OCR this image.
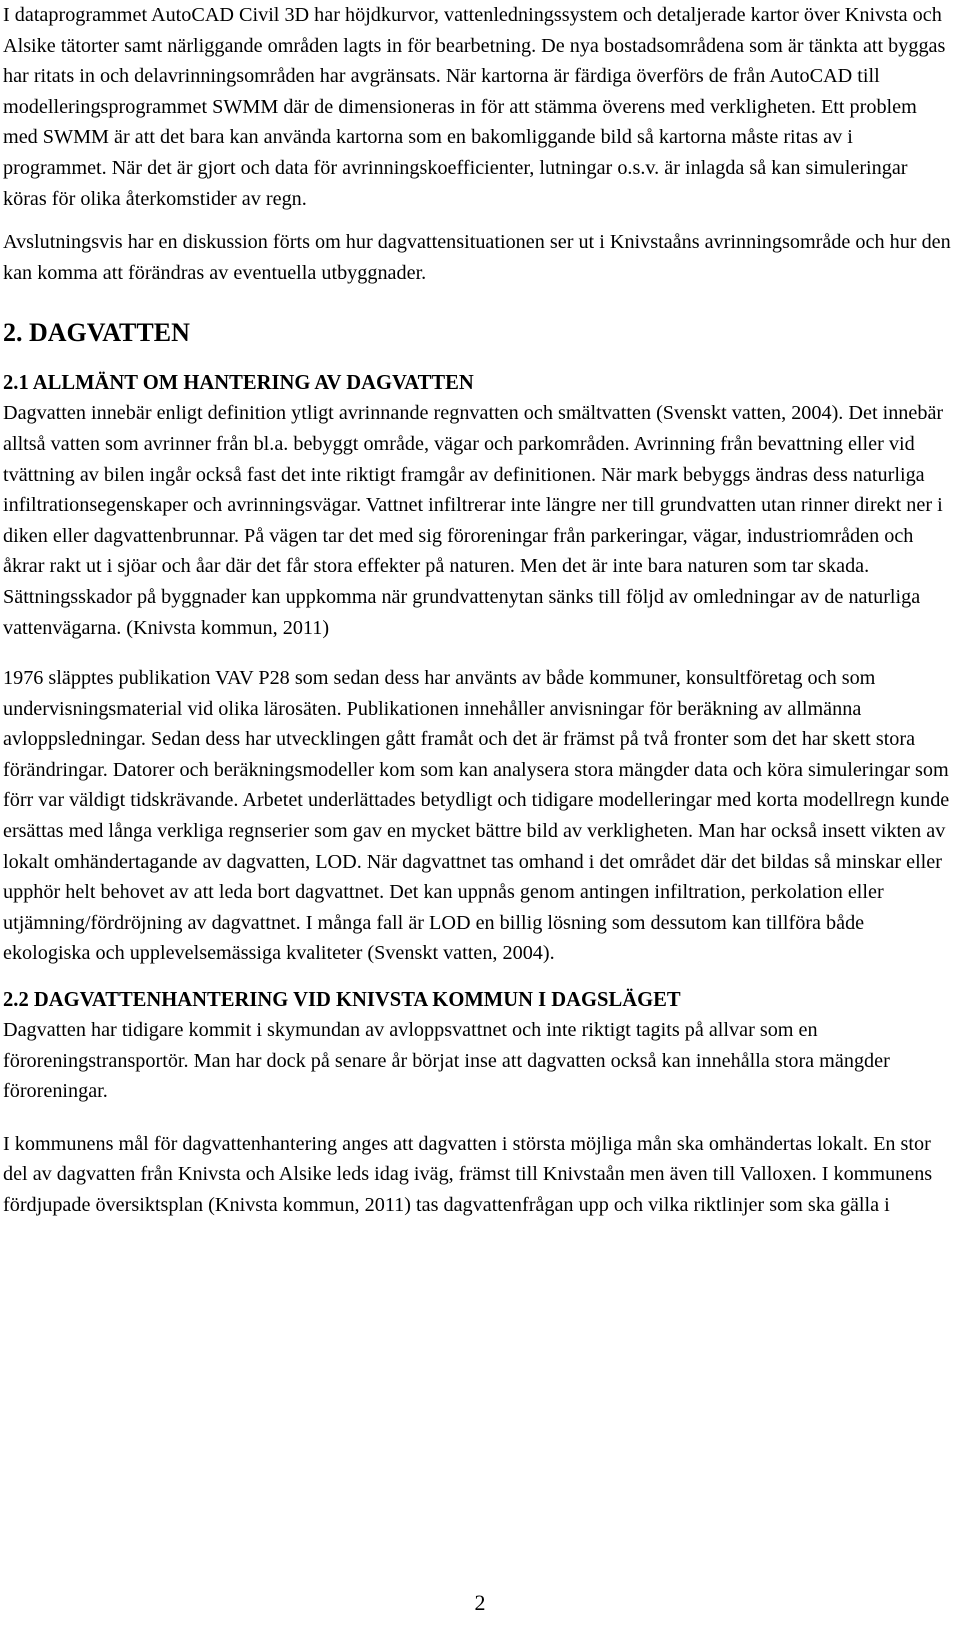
I dataprogrammet AutoCAD Civil 3D har höjdkurvor, vattenledningssystem och detaljerade kartor över Knivsta och Alsike tätorter samt närliggande områden lagts in för bearbetning. De nya bostadsområdena som är tänkta att byggas har ritats in och delavrinningsområden har avgränsats. När kartorna är färdiga överförs de från AutoCAD till modelleringsprogrammet SWMM där de dimensioneras in för att stämma överens med verkligheten. Ett problem med SWMM är att det bara kan använda kartorna som en bakomliggande bild så kartorna måste ritas av i programmet. När det är gjort och data för avrinningskoefficienter, lutningar o.s.v. är inlagda så kan simuleringar köras för olika återkomstider av regn.

Avslutningsvis har en diskussion förts om hur dagvattensituationen ser ut i Knivstaåns avrinningsområde och hur den kan komma att förändras av eventuella utbyggnader.

2. DAGVATTEN
2.1 ALLMÄNT OM HANTERING AV DAGVATTEN

Dagvatten innebär enligt definition ytligt avrinnande regnvatten och smältvatten (Svenskt vatten, 2004). Det innebär alltså vatten som avrinner från bl.a. bebyggt område, vägar och parkområden. Avrinning från bevattning eller vid tvättning av bilen ingår också fast det inte riktigt framgår av definitionen. När mark bebyggs ändras dess naturliga infiltrationsegenskaper och avrinningsvägar. Vattnet infiltrerar inte längre ner till grundvatten utan rinner direkt ner i diken eller dagvattenbrunnar. På vägen tar det med sig föroreningar från parkeringar, vägar, industriområden och åkrar rakt ut i sjöar och åar där det får stora effekter på naturen. Men det är inte bara naturen som tar skada. Sättningsskador på byggnader kan uppkomma när grundvattenytan sänks till följd av omledningar av de naturliga vattenvägarna. (Knivsta kommun, 2011)

1976 släpptes publikation VAV P28 som sedan dess har använts av både kommuner, konsultföretag och som undervisningsmaterial vid olika lärosäten. Publikationen innehåller anvisningar för beräkning av allmänna avloppsledningar. Sedan dess har utvecklingen gått framåt och det är främst på två fronter som det har skett stora förändringar. Datorer och beräkningsmodeller kom som kan analysera stora mängder data och köra simuleringar som förr var väldigt tidskrävande. Arbetet underlättades betydligt och tidigare modelleringar med korta modellregn kunde ersättas med långa verkliga regnserier som gav en mycket bättre bild av verkligheten. Man har också insett vikten av lokalt omhändertagande av dagvatten, LOD. När dagvattnet tas omhand i det området där det bildas så minskar eller upphör helt behovet av att leda bort dagvattnet. Det kan uppnås genom antingen infiltration, perkolation eller utjämning/fördröjning av dagvattnet. I många fall är LOD en billig lösning som dessutom kan tillföra både ekologiska och upplevelsemässiga kvaliteter (Svenskt vatten, 2004).

2.2 DAGVATTENHANTERING VID KNIVSTA KOMMUN I DAGSLÄGET

Dagvatten har tidigare kommit i skymundan av avloppsvattnet och inte riktigt tagits på allvar som en föroreningstransportör. Man har dock på senare år börjat inse att dagvatten också kan innehålla stora mängder föroreningar.

I kommunens mål för dagvattenhantering anges att dagvatten i största möjliga mån ska omhändertas lokalt. En stor del av dagvatten från Knivsta och Alsike leds idag iväg, främst till Knivstaån men även till Valloxen. I kommunens fördjupade översiktsplan (Knivsta kommun, 2011) tas dagvattenfrågan upp och vilka riktlinjer som ska gälla i

2
